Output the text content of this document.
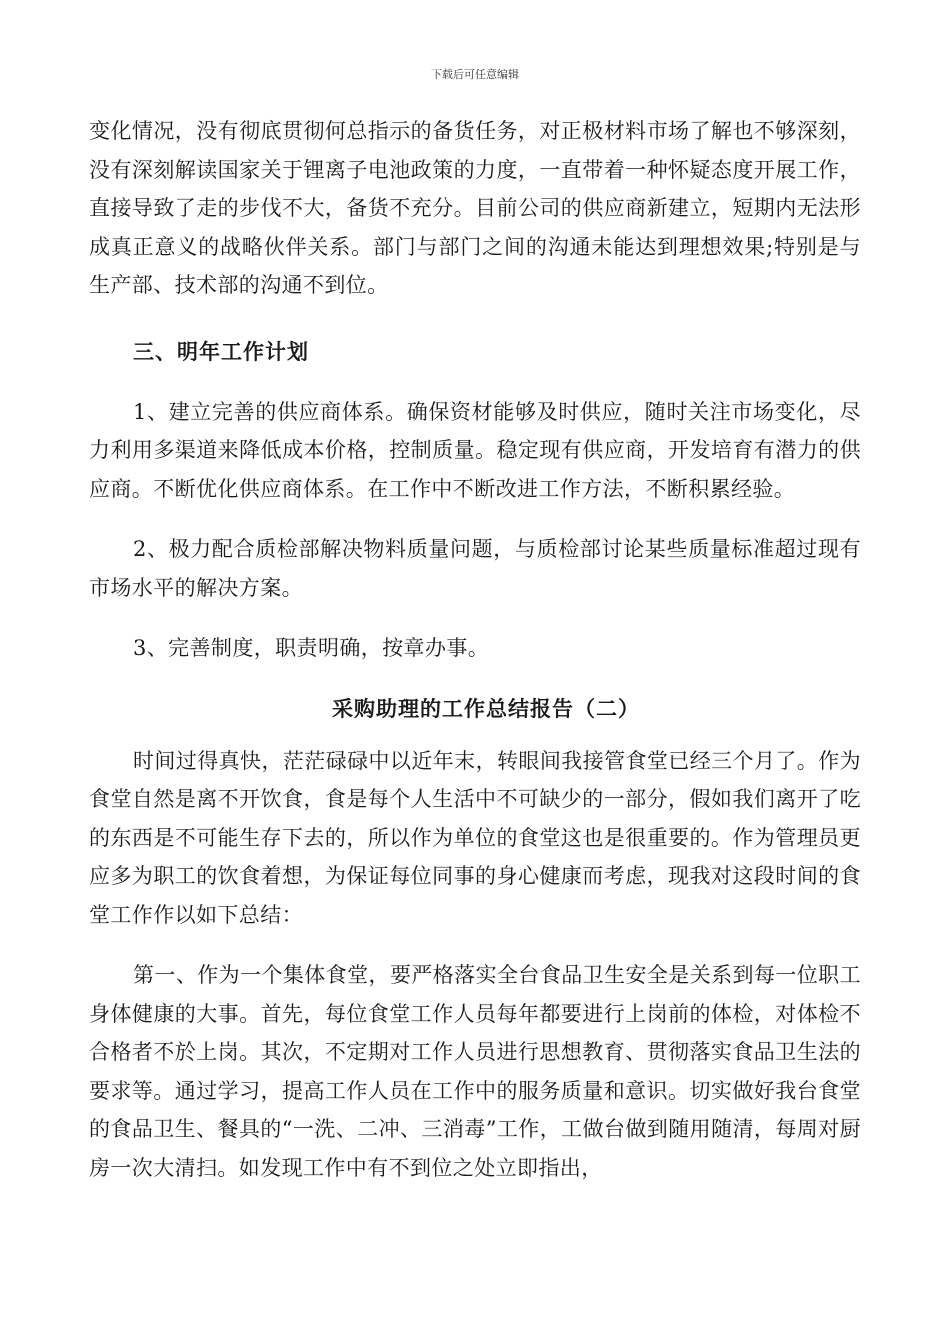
下载后可任意编辑

变化情况，没有彻底贯彻何总指示的备货任务，对正极材料市场了解也不够深刻，没有深刻解读国家关于锂离子电池政策的力度，一直带着一种怀疑态度开展工作，直接导致了走的步伐不大，备货不充分。目前公司的供应商新建立，短期内无法形成真正意义的战略伙伴关系。部门与部门之间的沟通未能达到理想效果;特别是与生产部、技术部的沟通不到位。

三、明年工作计划

1、建立完善的供应商体系。确保资材能够及时供应，随时关注市场变化，尽力利用多渠道来降低成本价格，控制质量。稳定现有供应商，开发培育有潜力的供应商。不断优化供应商体系。在工作中不断改进工作方法，不断积累经验。

2、极力配合质检部解决物料质量问题，与质检部讨论某些质量标准超过现有市场水平的解决方案。

3、完善制度，职责明确，按章办事。

采购助理的工作总结报告（二）

时间过得真快，茫茫碌碌中以近年末，转眼间我接管食堂已经三个月了。作为食堂自然是离不开饮食，食是每个人生活中不可缺少的一部分，假如我们离开了吃的东西是不可能生存下去的，所以作为单位的食堂这也是很重要的。作为管理员更应多为职工的饮食着想，为保证每位同事的身心健康而考虑，现我对这段时间的食堂工作作以如下总结：

第一、作为一个集体食堂，要严格落实全台食品卫生安全是关系到每一位职工身体健康的大事。首先，每位食堂工作人员每年都要进行上岗前的体检，对体检不合格者不於上岗。其次，不定期对工作人员进行思想教育、贯彻落实食品卫生法的要求等。通过学习，提高工作人员在工作中的服务质量和意识。切实做好我台食堂的食品卫生、餐具的“一洗、二冲、三消毒”工作，工做台做到随用随清，每周对厨房一次大清扫。如发现工作中有不到位之处立即指出，
